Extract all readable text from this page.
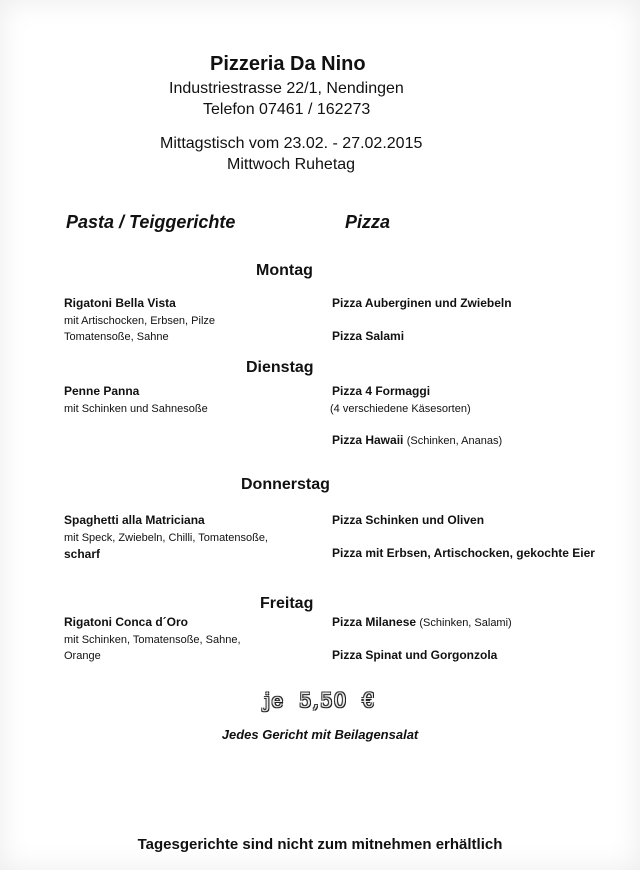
Pizzeria Da Nino
Industriestrasse 22/1, Nendingen
Telefon 07461 / 162273
Mittagstisch vom 23.02. - 27.02.2015
Mittwoch Ruhetag
Pasta / Teiggerichte	Pizza
Montag
Rigatoni Bella Vista
mit Artischocken, Erbsen, Pilze
Tomatensoße, Sahne
Pizza Auberginen und Zwiebeln
Pizza Salami
Dienstag
Penne Panna
mit Schinken und Sahnesoße
Pizza 4 Formaggi
(4 verschiedene Käsesorten)
Pizza Hawaii (Schinken, Ananas)
Donnerstag
Spaghetti alla Matriciana
mit Speck, Zwiebeln, Chilli, Tomatensoße,
scharf
Pizza Schinken und Oliven
Pizza mit Erbsen, Artischocken, gekochte Eier
Freitag
Rigatoni Conca d´Oro
mit Schinken, Tomatensoße, Sahne,
Orange
Pizza Milanese (Schinken, Salami)
Pizza Spinat und Gorgonzola
je  5,50  €
Jedes Gericht mit Beilagensalat
Tagesgerichte sind nicht zum mitnehmen erhältlich
